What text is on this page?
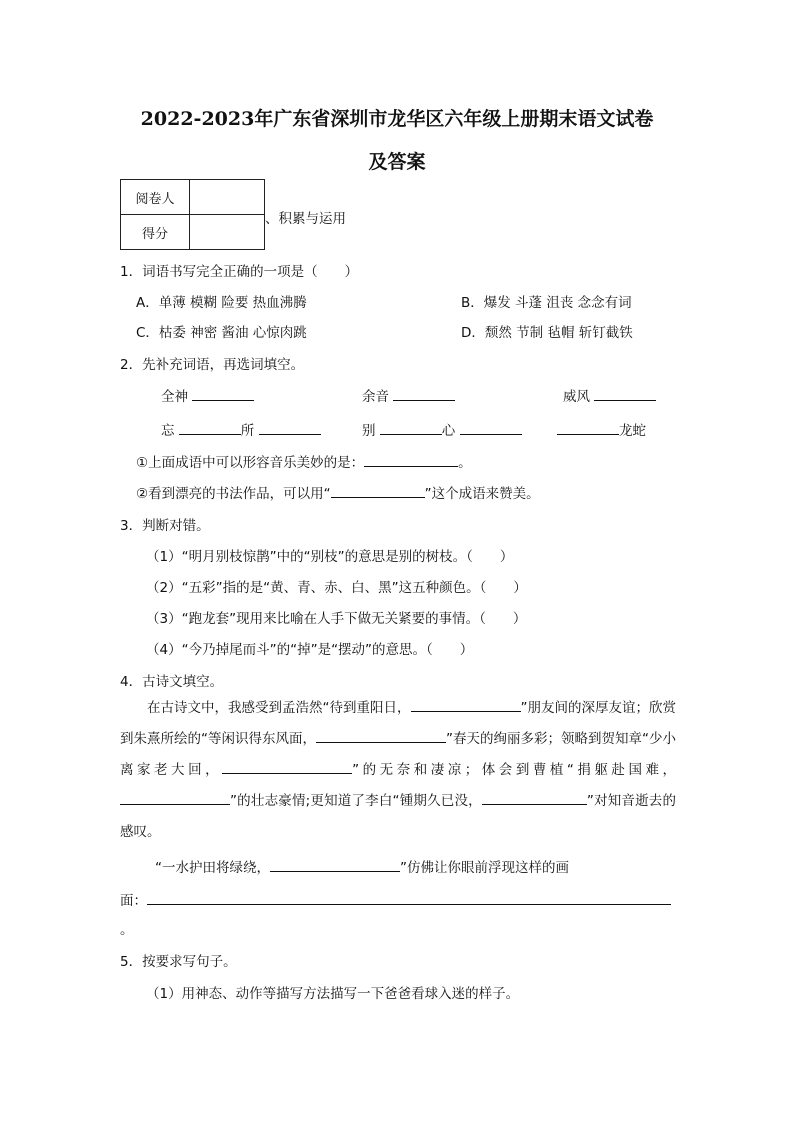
2022-2023年广东省深圳市龙华区六年级上册期末语文试卷
及答案
阅卷人	
得分	
、积累与运用
1．词语书写完全正确的一项是（　　）
A．单薄 模糊 险要 热血沸腾	B．爆发 斗蓬 沮丧 念念有词
C．枯委 神密 酱油 心惊肉跳	D．颓然 节制 毡帽 斩钉截铁
2．先补充词语，再选词填空。
全神	余音	威风
忘	所	别	心	龙蛇
①上面成语中可以形容音乐美妙的是：	。
②看到漂亮的书法作品，可以用“	”这个成语来赞美。
3．判断对错。
（1）“明月别枝惊鹊”中的“别枝”的意思是别的树枝。（　　）
（2）“五彩”指的是“黄、青、赤、白、黑”这五种颜色。（　　）
（3）“跑龙套”现用来比喻在人手下做无关紧要的事情。（　　）
（4）“今乃掉尾而斗”的“掉”是“摆动”的意思。（　　）
4．古诗文填空。
在古诗文中，我感受到孟浩然“待到重阳日，	”朋友间的深厚友谊；欣赏到朱熹所绘的“等闲识得东风面，	”春天的绚丽多彩；领略到贺知章“少小离家老大回，	”的无奈和凄凉；体会到曹植“捐躯赴国难，”的壮志豪情;更知道了李白“锺期久已没，	”对知音逝去的感叹。
“一水护田将绿绕，	”仿佛让你眼前浮现这样的画
面：
。
5．按要求写句子。
（1）用神态、动作等描写方法描写一下爸爸看球入迷的样子。
